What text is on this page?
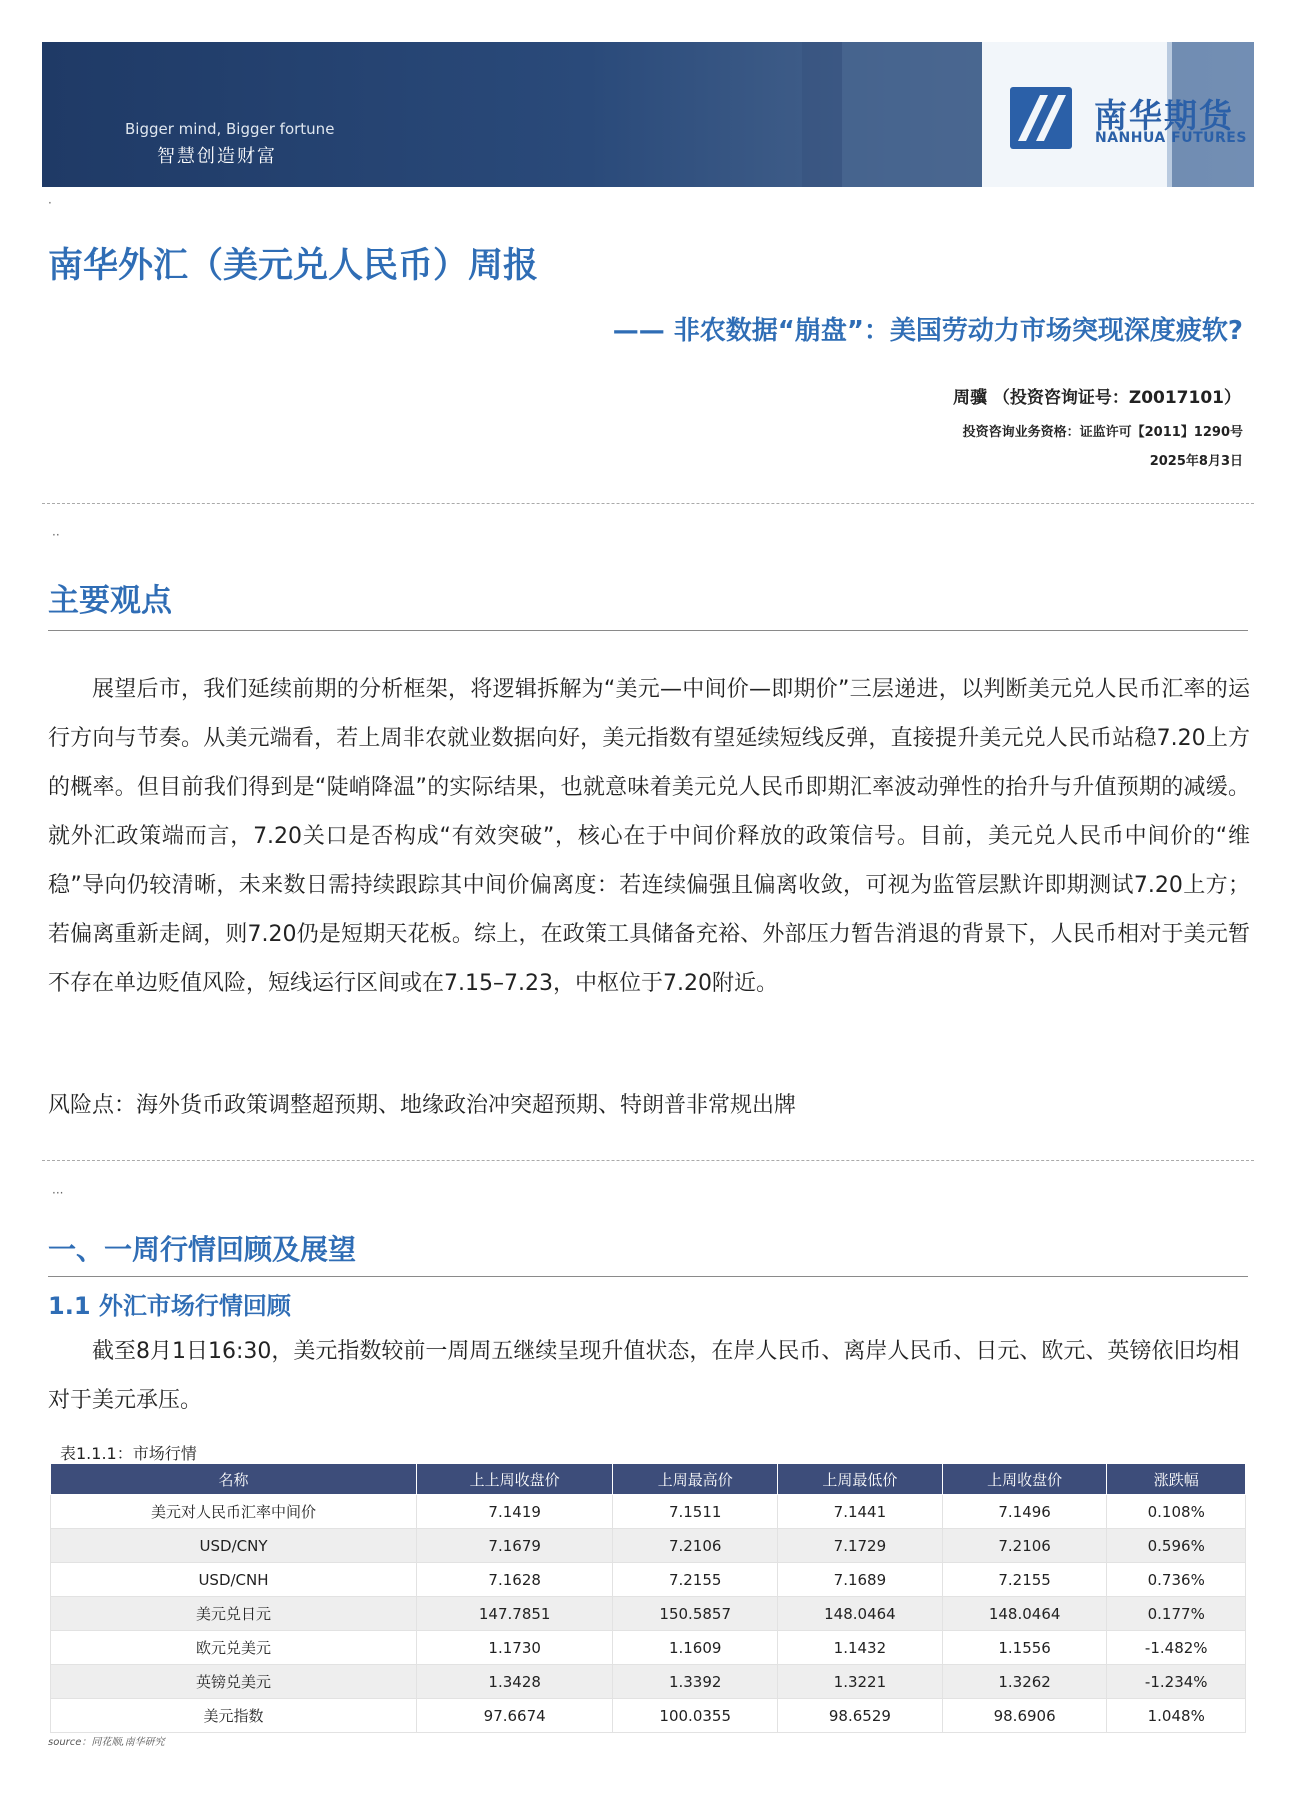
Bigger mind, Bigger fortune
智慧创造财富
南华期货
NANHUA FUTURES
·
南华外汇（美元兑人民币）周报
—— 非农数据“崩盘”：美国劳动力市场突现深度疲软?
周骥 （投资咨询证号：Z0017101）
投资咨询业务资格：证监许可【2011】1290号
2025年8月3日
··
主要观点
展望后市，我们延续前期的分析框架，将逻辑拆解为“美元—中间价—即期价”三层递进，以判断美元兑人民币汇率的运行方向与节奏。从美元端看，若上周非农就业数据向好，美元指数有望延续短线反弹，直接提升美元兑人民币站稳7.20上方的概率。但目前我们得到是“陡峭降温”的实际结果，也就意味着美元兑人民币即期汇率波动弹性的抬升与升值预期的减缓。就外汇政策端而言，7.20关口是否构成“有效突破”，核心在于中间价释放的政策信号。目前，美元兑人民币中间价的“维稳”导向仍较清晰，未来数日需持续跟踪其中间价偏离度：若连续偏强且偏离收敛，可视为监管层默许即期测试7.20上方；若偏离重新走阔，则7.20仍是短期天花板。综上，在政策工具储备充裕、外部压力暂告消退的背景下，人民币相对于美元暂不存在单边贬值风险，短线运行区间或在7.15–7.23，中枢位于7.20附近。
风险点：海外货币政策调整超预期、地缘政治冲突超预期、特朗普非常规出牌
···
一、一周行情回顾及展望
1.1 外汇市场行情回顾
截至8月1日16:30，美元指数较前一周周五继续呈现升值状态，在岸人民币、离岸人民币、日元、欧元、英镑依旧均相对于美元承压。
表1.1.1：市场行情
名称	上上周收盘价	上周最高价	上周最低价	上周收盘价	涨跌幅
美元对人民币汇率中间价	7.1419	7.1511	7.1441	7.1496	0.108%
USD/CNY	7.1679	7.2106	7.1729	7.2106	0.596%
USD/CNH	7.1628	7.2155	7.1689	7.2155	0.736%
美元兑日元	147.7851	150.5857	148.0464	148.0464	0.177%
欧元兑美元	1.1730	1.1609	1.1432	1.1556	-1.482%
英镑兑美元	1.3428	1.3392	1.3221	1.3262	-1.234%
美元指数	97.6674	100.0355	98.6529	98.6906	1.048%
source：同花顺,南华研究
